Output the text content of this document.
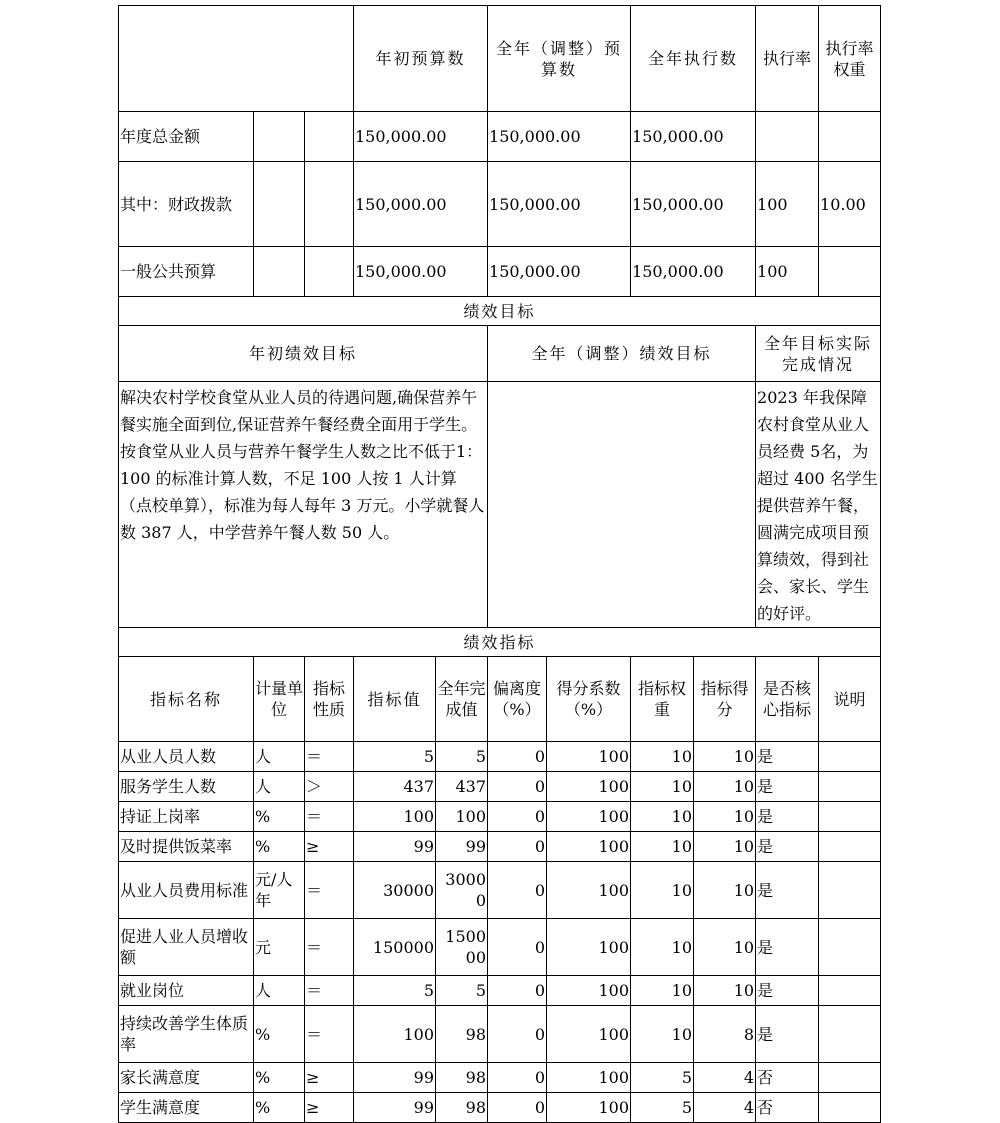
			年初预算数		全年（调整）预算数		全年执行数		执行率	执行率权重	
年度总金额			150,000.00		150,000.00		150,000.00				
其中：财政拨款			150,000.00		150,000.00		150,000.00		100	10.00	
一般公共预算			150,000.00		150,000.00		150,000.00		100		
绩效目标											
年初绩效目标					全年（调整）绩效目标				全年目标实际完成情况		
解决农村学校食堂从业人员的待遇问题,确保营养午餐实施全面到位,保证营养午餐经费全面用于学生。按食堂从业人员与营养午餐学生人数之比不低于1：100 的标准计算人数，不足 100 人按 1 人计算（点校单算），标准为每人每年 3 万元。小学就餐人数 387 人，中学营养午餐人数 50 人。									2023 年我保障农村食堂从业人员经费 5名，为超过 400 名学生提供营养午餐，圆满完成项目预算绩效，得到社会、家长、学生的好评。		
绩效指标											
指标名称	计量单位	指标性质	指标值	全年完成值	偏离度（%）	得分系数（%）	指标权重	指标得分	是否核心指标	说明	
从业人员人数	人	＝	5	5	0	100	10	10	是		
服务学生人数	人	＞	437	437	0	100	10	10	是		
持证上岗率	%	＝	100	100	0	100	10	10	是		
及时提供饭菜率	%	≥	99	99	0	100	10	10	是		
从业人员费用标准	元/人年	＝	30000	30000	0	100	10	10	是		
促进人业人员增收额	元	＝	150000	150000	0	100	10	10	是		
就业岗位	人	＝	5	5	0	100	10	10	是		
持续改善学生体质率	%	＝	100	98	0	100	10	8	是		
家长满意度	%	≥	99	98	0	100	5	4	否		
学生满意度	%	≥	99	98	0	100	5	4	否		
